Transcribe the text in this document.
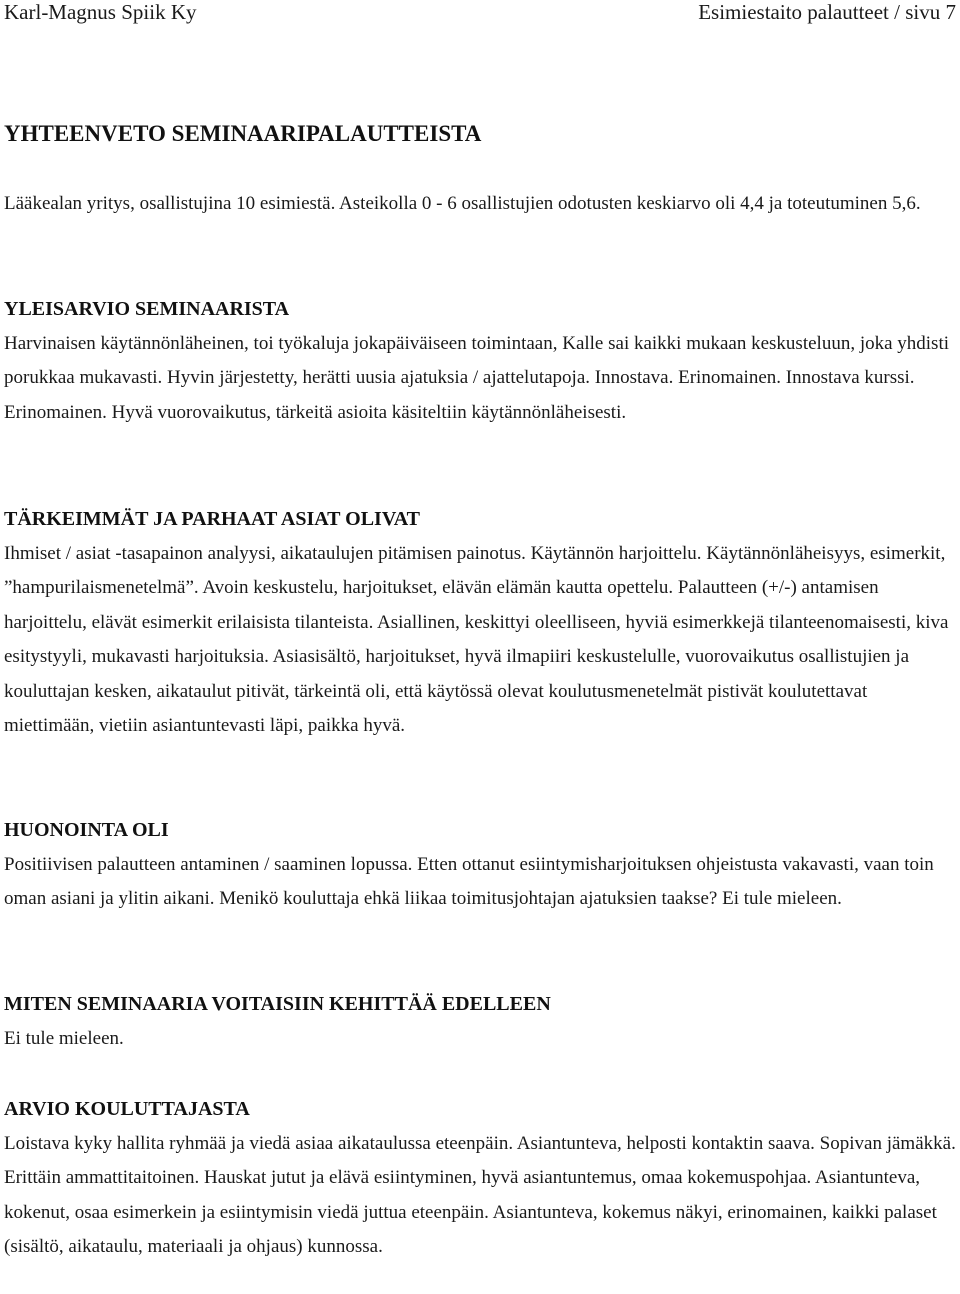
Karl-Magnus Spiik Ky	Esimiestaito palautteet / sivu 7
YHTEENVETO SEMINAARIPALAUTTEISTA

Lääkealan yritys, osallistujina 10 esimiestä. Asteikolla 0 - 6 osallistujien odotusten keskiarvo oli 4,4 ja toteutuminen 5,6.

YLEISARVIO SEMINAARISTA

Harvinaisen käytännönläheinen, toi työkaluja jokapäiväiseen toimintaan, Kalle sai kaikki mukaan keskusteluun, joka yhdisti porukkaa mukavasti. Hyvin järjestetty, herätti uusia ajatuksia / ajattelutapoja. Innostava. Erinomainen. Innostava kurssi. Erinomainen. Hyvä vuorovaikutus, tärkeitä asioita käsiteltiin käytännönläheisesti.

TÄRKEIMMÄT JA PARHAAT ASIAT OLIVAT

Ihmiset / asiat -tasapainon analyysi, aikataulujen pitämisen painotus. Käytännön harjoittelu. Käytännönläheisyys, esimerkit, ”hampurilaismenetelmä”. Avoin keskustelu, harjoitukset, elävän elämän kautta opettelu. Palautteen (+/-) antamisen harjoittelu, elävät esimerkit erilaisista tilanteista. Asiallinen, keskittyi oleelliseen, hyviä esimerkkejä tilanteenomaisesti, kiva esitystyyli, mukavasti harjoituksia. Asiasisältö, harjoitukset, hyvä ilmapiiri keskustelulle, vuorovaikutus osallistujien ja kouluttajan kesken, aikataulut pitivät, tärkeintä oli, että käytössä olevat koulutusmenetelmät pistivät koulutettavat miettimään, vietiin asiantuntevasti läpi, paikka hyvä.

HUONOINTA OLI

Positiivisen palautteen antaminen / saaminen lopussa. Etten ottanut esiintymisharjoituksen ohjeistusta vakavasti, vaan toin oman asiani ja ylitin aikani. Menikö kouluttaja ehkä liikaa toimitusjohtajan ajatuksien taakse? Ei tule mieleen.

MITEN SEMINAARIA VOITAISIIN KEHITTÄÄ EDELLEEN

Ei tule mieleen.

ARVIO KOULUTTAJASTA

Loistava kyky hallita ryhmää ja viedä asiaa aikataulussa eteenpäin. Asiantunteva, helposti kontaktin saava. Sopivan jämäkkä. Erittäin ammattitaitoinen. Hauskat jutut ja elävä esiintyminen, hyvä asiantuntemus, omaa kokemuspohjaa. Asiantunteva, kokenut, osaa esimerkein ja esiintymisin viedä juttua eteenpäin. Asiantunteva, kokemus näkyi, erinomainen, kaikki palaset (sisältö, aikataulu, materiaali ja ohjaus) kunnossa.
